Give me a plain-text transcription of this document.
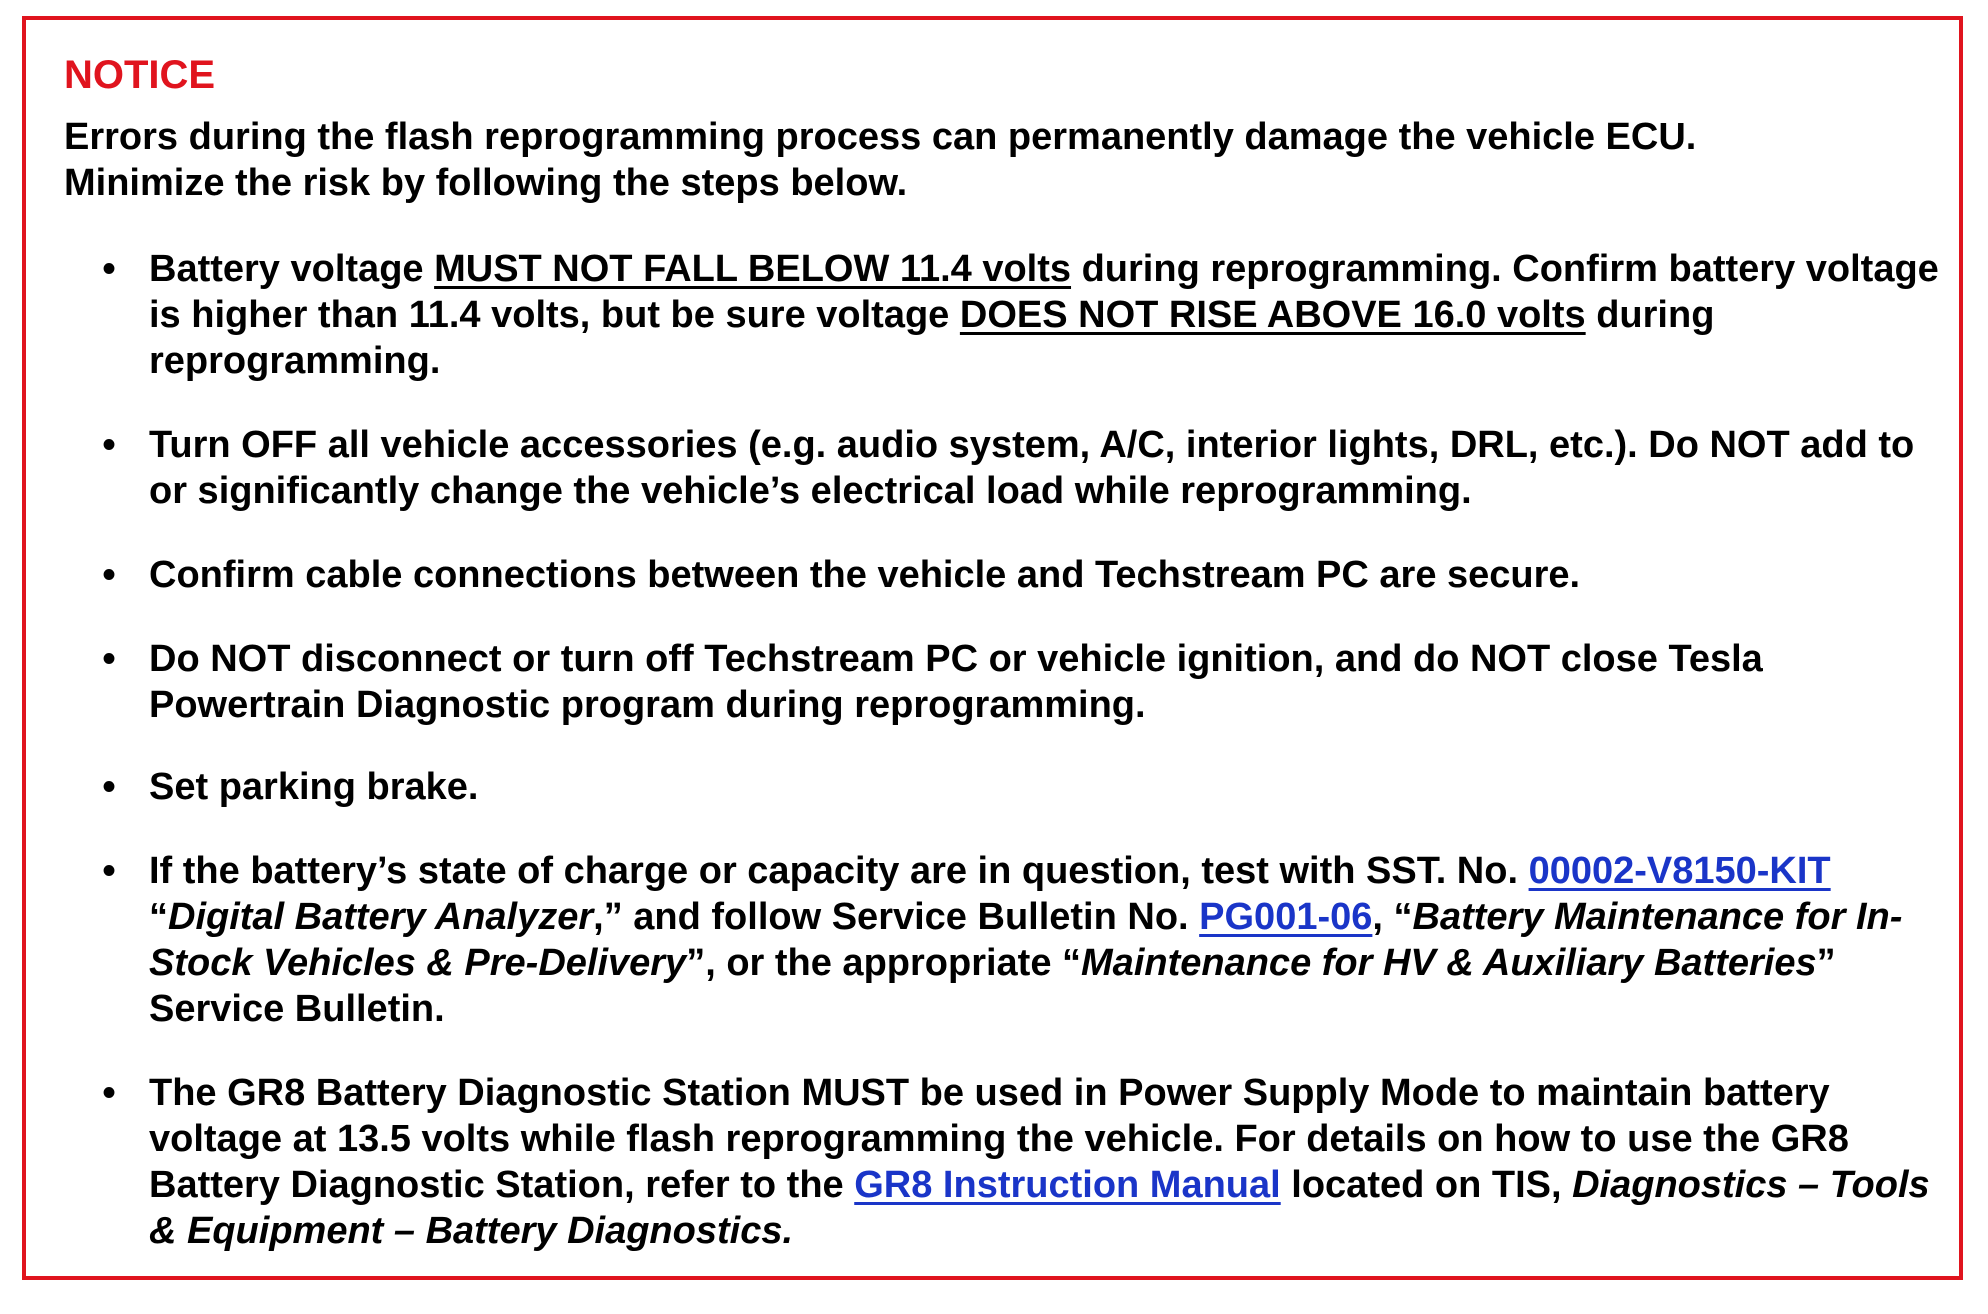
NOTICE

Errors during the flash reprogramming process can permanently damage the vehicle ECU.
Minimize the risk by following the steps below.

• Battery voltage MUST NOT FALL BELOW 11.4 volts during reprogramming. Confirm battery voltage is higher than 11.4 volts, but be sure voltage DOES NOT RISE ABOVE 16.0 volts during reprogramming.
• Turn OFF all vehicle accessories (e.g. audio system, A/C, interior lights, DRL, etc.). Do NOT add to or significantly change the vehicle’s electrical load while reprogramming.
• Confirm cable connections between the vehicle and Techstream PC are secure.
• Do NOT disconnect or turn off Techstream PC or vehicle ignition, and do NOT close Tesla Powertrain Diagnostic program during reprogramming.
• Set parking brake.
• If the battery’s state of charge or capacity are in question, test with SST. No. 00002-V8150-KIT “Digital Battery Analyzer,” and follow Service Bulletin No. PG001-06, “Battery Maintenance for In-Stock Vehicles & Pre-Delivery”, or the appropriate “Maintenance for HV & Auxiliary Batteries” Service Bulletin.
• The GR8 Battery Diagnostic Station MUST be used in Power Supply Mode to maintain battery voltage at 13.5 volts while flash reprogramming the vehicle. For details on how to use the GR8 Battery Diagnostic Station, refer to the GR8 Instruction Manual located on TIS, Diagnostics – Tools & Equipment – Battery Diagnostics.
